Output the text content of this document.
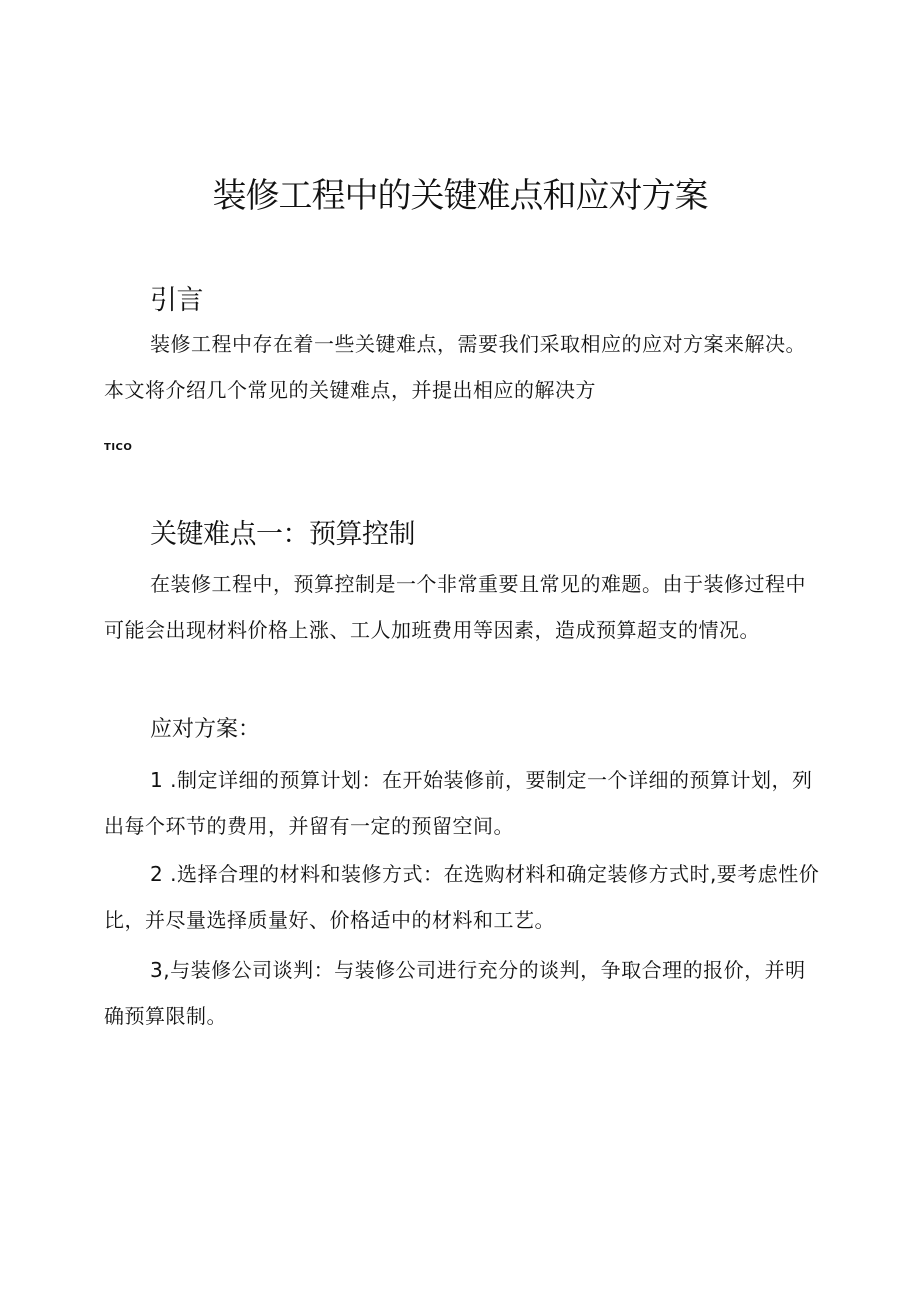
装修工程中的关键难点和应对方案
引言

装修工程中存在着一些关键难点，需要我们采取相应的应对方案来解决。本文将介绍几个常见的关键难点，并提出相应的解决方

TICO

关键难点一：预算控制

在装修工程中，预算控制是一个非常重要且常见的难题。由于装修过程中可能会出现材料价格上涨、工人加班费用等因素，造成预算超支的情况。

应对方案：

1 .制定详细的预算计划：在开始装修前，要制定一个详细的预算计划，列出每个环节的费用，并留有一定的预留空间。

2 .选择合理的材料和装修方式：在选购材料和确定装修方式时,要考虑性价比，并尽量选择质量好、价格适中的材料和工艺。

3,与装修公司谈判：与装修公司进行充分的谈判，争取合理的报价，并明确预算限制。
